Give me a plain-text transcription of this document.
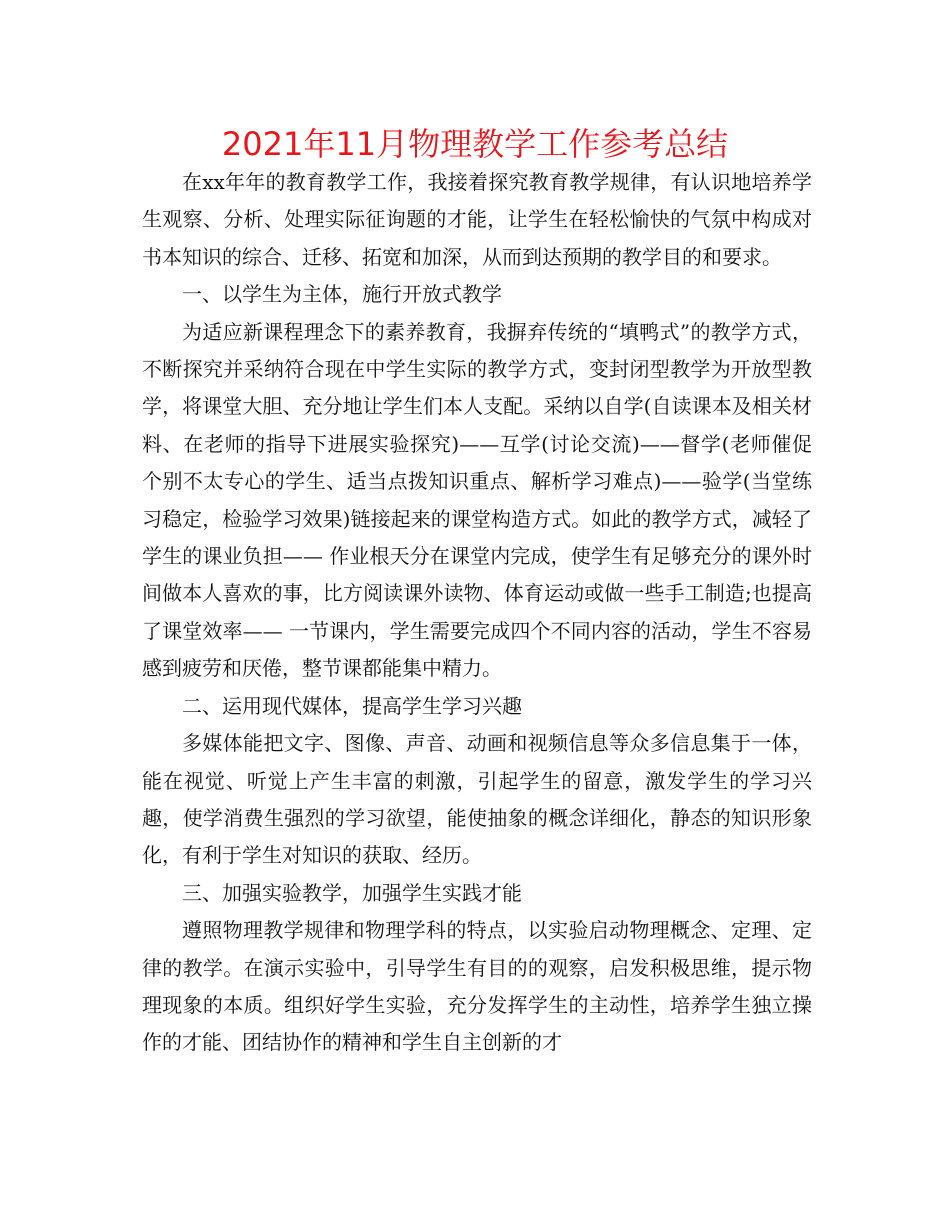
2021年11月物理教学工作参考总结

在xx年年的教育教学工作，我接着探究教育教学规律，有认识地培养学生观察、分析、处理实际征询题的才能，让学生在轻松愉快的气氛中构成对书本知识的综合、迁移、拓宽和加深，从而到达预期的教学目的和要求。

一、以学生为主体，施行开放式教学

为适应新课程理念下的素养教育，我摒弃传统的“填鸭式”的教学方式，不断探究并采纳符合现在中学生实际的教学方式，变封闭型教学为开放型教学，将课堂大胆、充分地让学生们本人支配。采纳以自学(自读课本及相关材料、在老师的指导下进展实验探究)——互学(讨论交流)——督学(老师催促个别不太专心的学生、适当点拨知识重点、解析学习难点)——验学(当堂练习稳定，检验学习效果)链接起来的课堂构造方式。如此的教学方式，减轻了学生的课业负担—— 作业根天分在课堂内完成，使学生有足够充分的课外时间做本人喜欢的事，比方阅读课外读物、体育运动或做一些手工制造;也提高了课堂效率—— 一节课内，学生需要完成四个不同内容的活动，学生不容易感到疲劳和厌倦，整节课都能集中精力。

二、运用现代媒体，提高学生学习兴趣

多媒体能把文字、图像、声音、动画和视频信息等众多信息集于一体，能在视觉、听觉上产生丰富的刺激，引起学生的留意，激发学生的学习兴趣，使学消费生强烈的学习欲望，能使抽象的概念详细化，静态的知识形象化，有利于学生对知识的获取、经历。

三、加强实验教学，加强学生实践才能

遵照物理教学规律和物理学科的特点，以实验启动物理概念、定理、定律的教学。在演示实验中，引导学生有目的的观察，启发积极思维，提示物理现象的本质。组织好学生实验，充分发挥学生的主动性，培养学生独立操作的才能、团结协作的精神和学生自主创新的才
